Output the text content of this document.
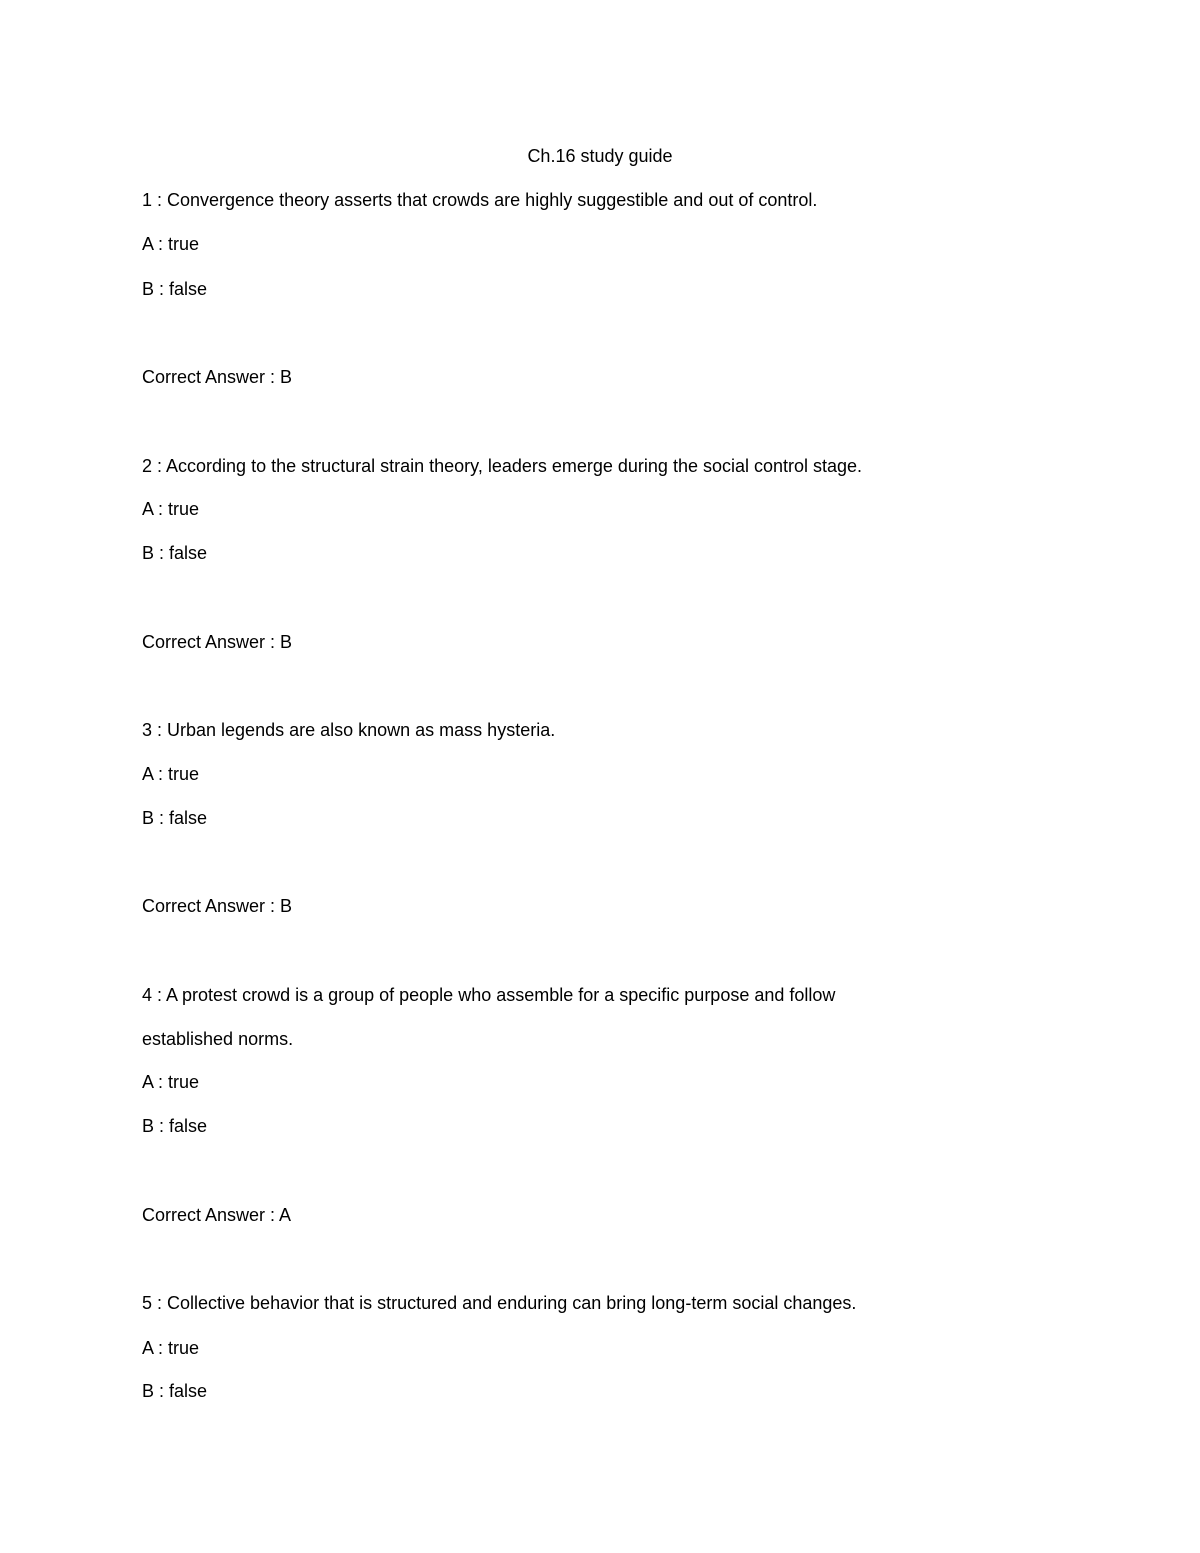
Ch.16 study guide

1 : Convergence theory asserts that crowds are highly suggestible and out of control.

A : true

B : false

Correct Answer : B

2 : According to the structural strain theory, leaders emerge during the social control stage.

A : true

B : false

Correct Answer : B

3 : Urban legends are also known as mass hysteria.

A : true

B : false

Correct Answer : B

4 : A protest crowd is a group of people who assemble for a specific purpose and follow

established norms.

A : true

B : false

Correct Answer : A

5 : Collective behavior that is structured and enduring can bring long-term social changes.

A : true

B : false
